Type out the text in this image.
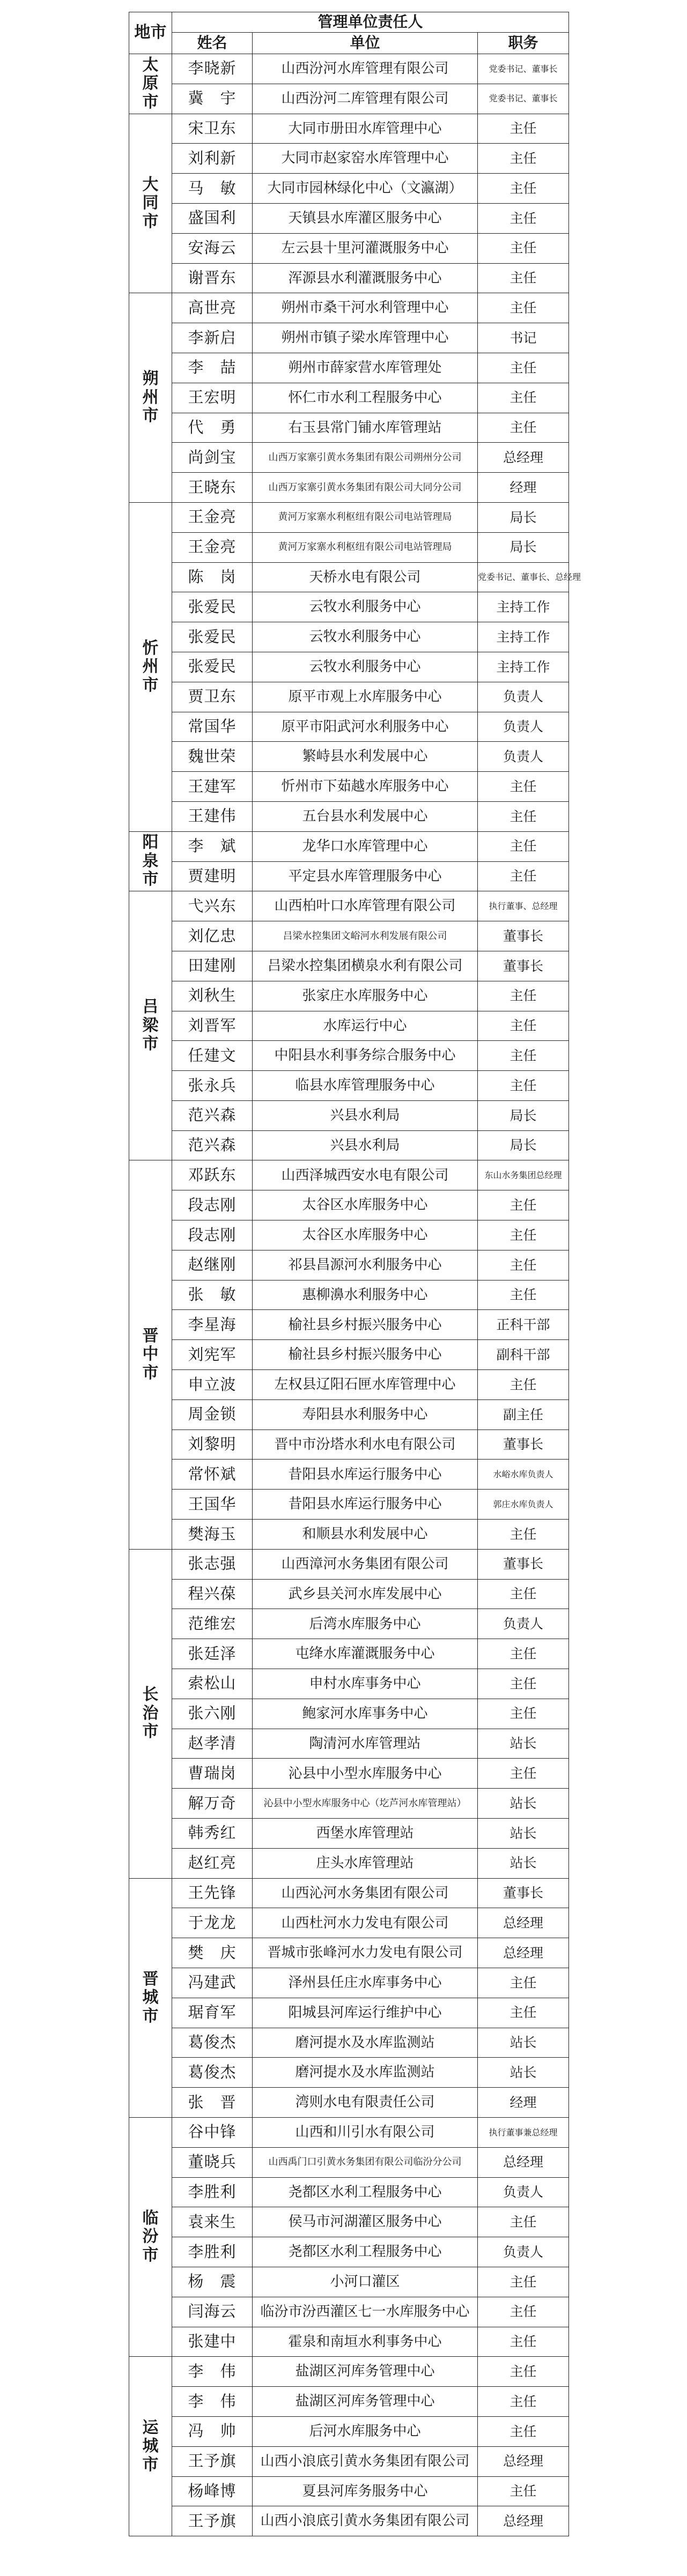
地市	管理单位责任人			
	姓名	单位	职务	
太
原
市	李晓新	山西汾河水库管理有限公司	党委书记、董事长	
	冀　宇	山西汾河二库管理有限公司	党委书记、董事长	
大
同
市	宋卫东	大同市册田水库管理中心	主任	
	刘利新	大同市赵家窑水库管理中心	主任	
	马　敏	大同市园林绿化中心（文瀛湖）	主任	
	盛国利	天镇县水库灌区服务中心	主任	
	安海云	左云县十里河灌溉服务中心	主任	
	谢晋东	浑源县水利灌溉服务中心	主任	
朔
州
市	高世亮	朔州市桑干河水利管理中心	主任	
	李新启	朔州市镇子梁水库管理中心	书记	
	李　喆	朔州市薛家营水库管理处	主任	
	王宏明	怀仁市水利工程服务中心	主任	
	代　勇	右玉县常门铺水库管理站	主任	
	尚剑宝	山西万家寨引黄水务集团有限公司朔州分公司	总经理	
	王晓东	山西万家寨引黄水务集团有限公司大同分公司	经理	
忻
州
市	王金亮	黄河万家寨水利枢纽有限公司电站管理局	局长	
	王金亮	黄河万家寨水利枢纽有限公司电站管理局	局长	
	陈　岗	天桥水电有限公司	党委书记、董事长、总经理	
	张爱民	云牧水利服务中心	主持工作	
	张爱民	云牧水利服务中心	主持工作	
	张爱民	云牧水利服务中心	主持工作	
	贾卫东	原平市观上水库服务中心	负责人	
	常国华	原平市阳武河水利服务中心	负责人	
	魏世荣	繁峙县水利发展中心	负责人	
	王建军	忻州市下茹越水库服务中心	主任	
	王建伟	五台县水利发展中心	主任	
阳
泉
市	李　斌	龙华口水库管理中心	主任	
	贾建明	平定县水库管理服务中心	主任	
吕
梁
市	弋兴东	山西柏叶口水库管理有限公司	执行董事、总经理	
	刘亿忠	吕梁水控集团文峪河水利发展有限公司	董事长	
	田建刚	吕梁水控集团横泉水利有限公司	董事长	
	刘秋生	张家庄水库服务中心	主任	
	刘晋军	水库运行中心	主任	
	任建文	中阳县水利事务综合服务中心	主任	
	张永兵	临县水库管理服务中心	主任	
	范兴森	兴县水利局	局长	
	范兴森	兴县水利局	局长	
晋
中
市	邓跃东	山西泽城西安水电有限公司	东山水务集团总经理	
	段志刚	太谷区水库服务中心	主任	
	段志刚	太谷区水库服务中心	主任	
	赵继刚	祁县昌源河水利服务中心	主任	
	张　敏	惠柳濞水利服务中心	主任	
	李星海	榆社县乡村振兴服务中心	正科干部	
	刘宪军	榆社县乡村振兴服务中心	副科干部	
	申立波	左权县辽阳石匣水库管理中心	主任	
	周金锁	寿阳县水利服务中心	副主任	
	刘黎明	晋中市汾塔水利水电有限公司	董事长	
	常怀斌	昔阳县水库运行服务中心	水峪水库负责人	
	王国华	昔阳县水库运行服务中心	郭庄水库负责人	
	樊海玉	和顺县水利发展中心	主任	
长
治
市	张志强	山西漳河水务集团有限公司	董事长	
	程兴葆	武乡县关河水库发展中心	主任	
	范维宏	后湾水库服务中心	负责人	
	张廷泽	屯绛水库灌溉服务中心	主任	
	索松山	申村水库事务中心	主任	
	张六刚	鲍家河水库事务中心	主任	
	赵孝清	陶清河水库管理站	站长	
	曹瑞岗	沁县中小型水库服务中心	主任	
	解万奇	沁县中小型水库服务中心（圪芦河水库管理站）	站长	
	韩秀红	西堡水库管理站	站长	
	赵红亮	庄头水库管理站	站长	
晋
城
市	王先锋	山西沁河水务集团有限公司	董事长	
	于龙龙	山西杜河水力发电有限公司	总经理	
	樊　庆	晋城市张峰河水力发电有限公司	总经理	
	冯建武	泽州县任庄水库事务中心	主任	
	琚育军	阳城县河库运行维护中心	主任	
	葛俊杰	磨河提水及水库监测站	站长	
	葛俊杰	磨河提水及水库监测站	站长	
	张　晋	湾则水电有限责任公司	经理	
临
汾
市	谷中锋	山西和川引水有限公司	执行董事兼总经理	
	董晓兵	山西禹门口引黄水务集团有限公司临汾分公司	总经理	
	李胜利	尧都区水利工程服务中心	负责人	
	袁来生	侯马市河湖灌区服务中心	主任	
	李胜利	尧都区水利工程服务中心	负责人	
	杨　震	小河口灌区	主任	
	闫海云	临汾市汾西灌区七一水库服务中心	主任	
	张建中	霍泉和南垣水利事务中心	主任	
运
城
市	李　伟	盐湖区河库务管理中心	主任	
	李　伟	盐湖区河库务管理中心	主任	
	冯　帅	后河水库服务中心	主任	
	王予旗	山西小浪底引黄水务集团有限公司	总经理	
	杨峰博	夏县河库务服务中心	主任	
	王予旗	山西小浪底引黄水务集团有限公司	总经理	
